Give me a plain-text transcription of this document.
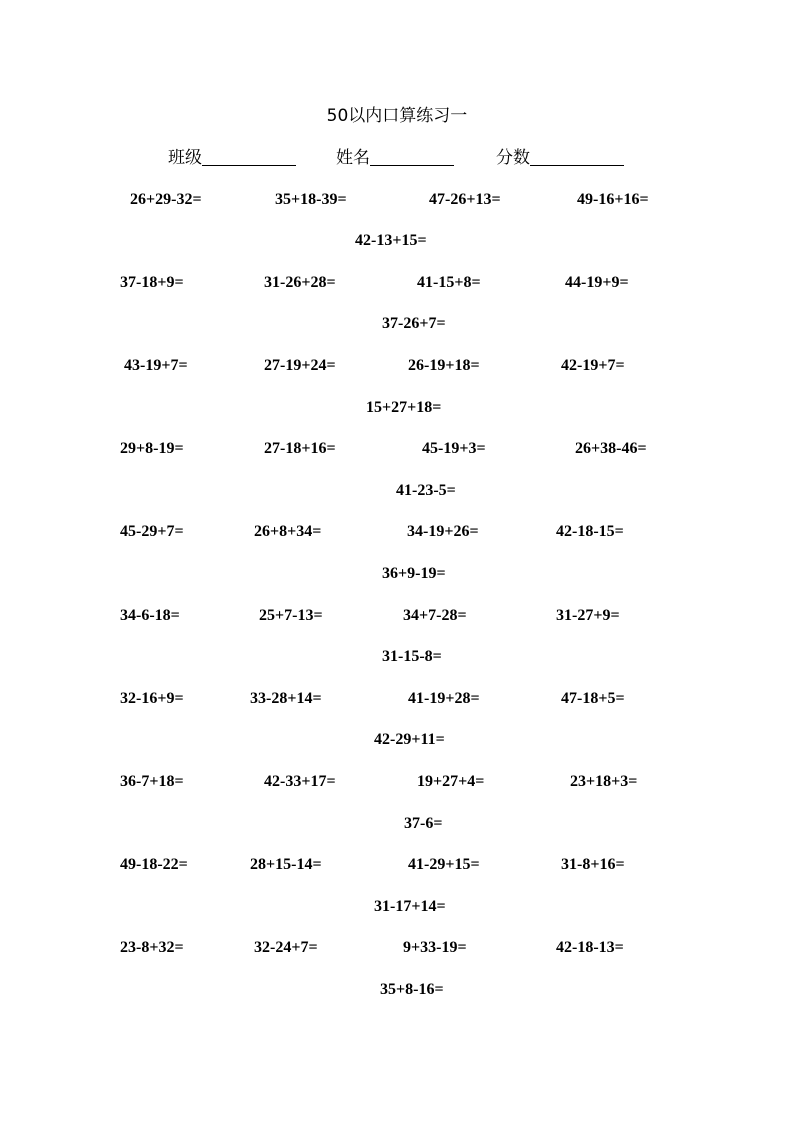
50以内口算练习一
班级	姓名	分数
26+29-32=	35+18-39=	47-26+13=	49-16+16=
42-13+15=
37-18+9=	31-26+28=	41-15+8=	44-19+9=
37-26+7=
43-19+7=	27-19+24=	26-19+18=	42-19+7=
15+27+18=
29+8-19=	27-18+16=	45-19+3=	26+38-46=
41-23-5=
45-29+7=	26+8+34=	34-19+26=	42-18-15=
36+9-19=
34-6-18=	25+7-13=	34+7-28=	31-27+9=
31-15-8=
32-16+9=	33-28+14=	41-19+28=	47-18+5=
42-29+11=
36-7+18=	42-33+17=	19+27+4=	23+18+3=
37-6=
49-18-22=	28+15-14=	41-29+15=	31-8+16=
31-17+14=
23-8+32=	32-24+7=	9+33-19=	42-18-13=
35+8-16=
